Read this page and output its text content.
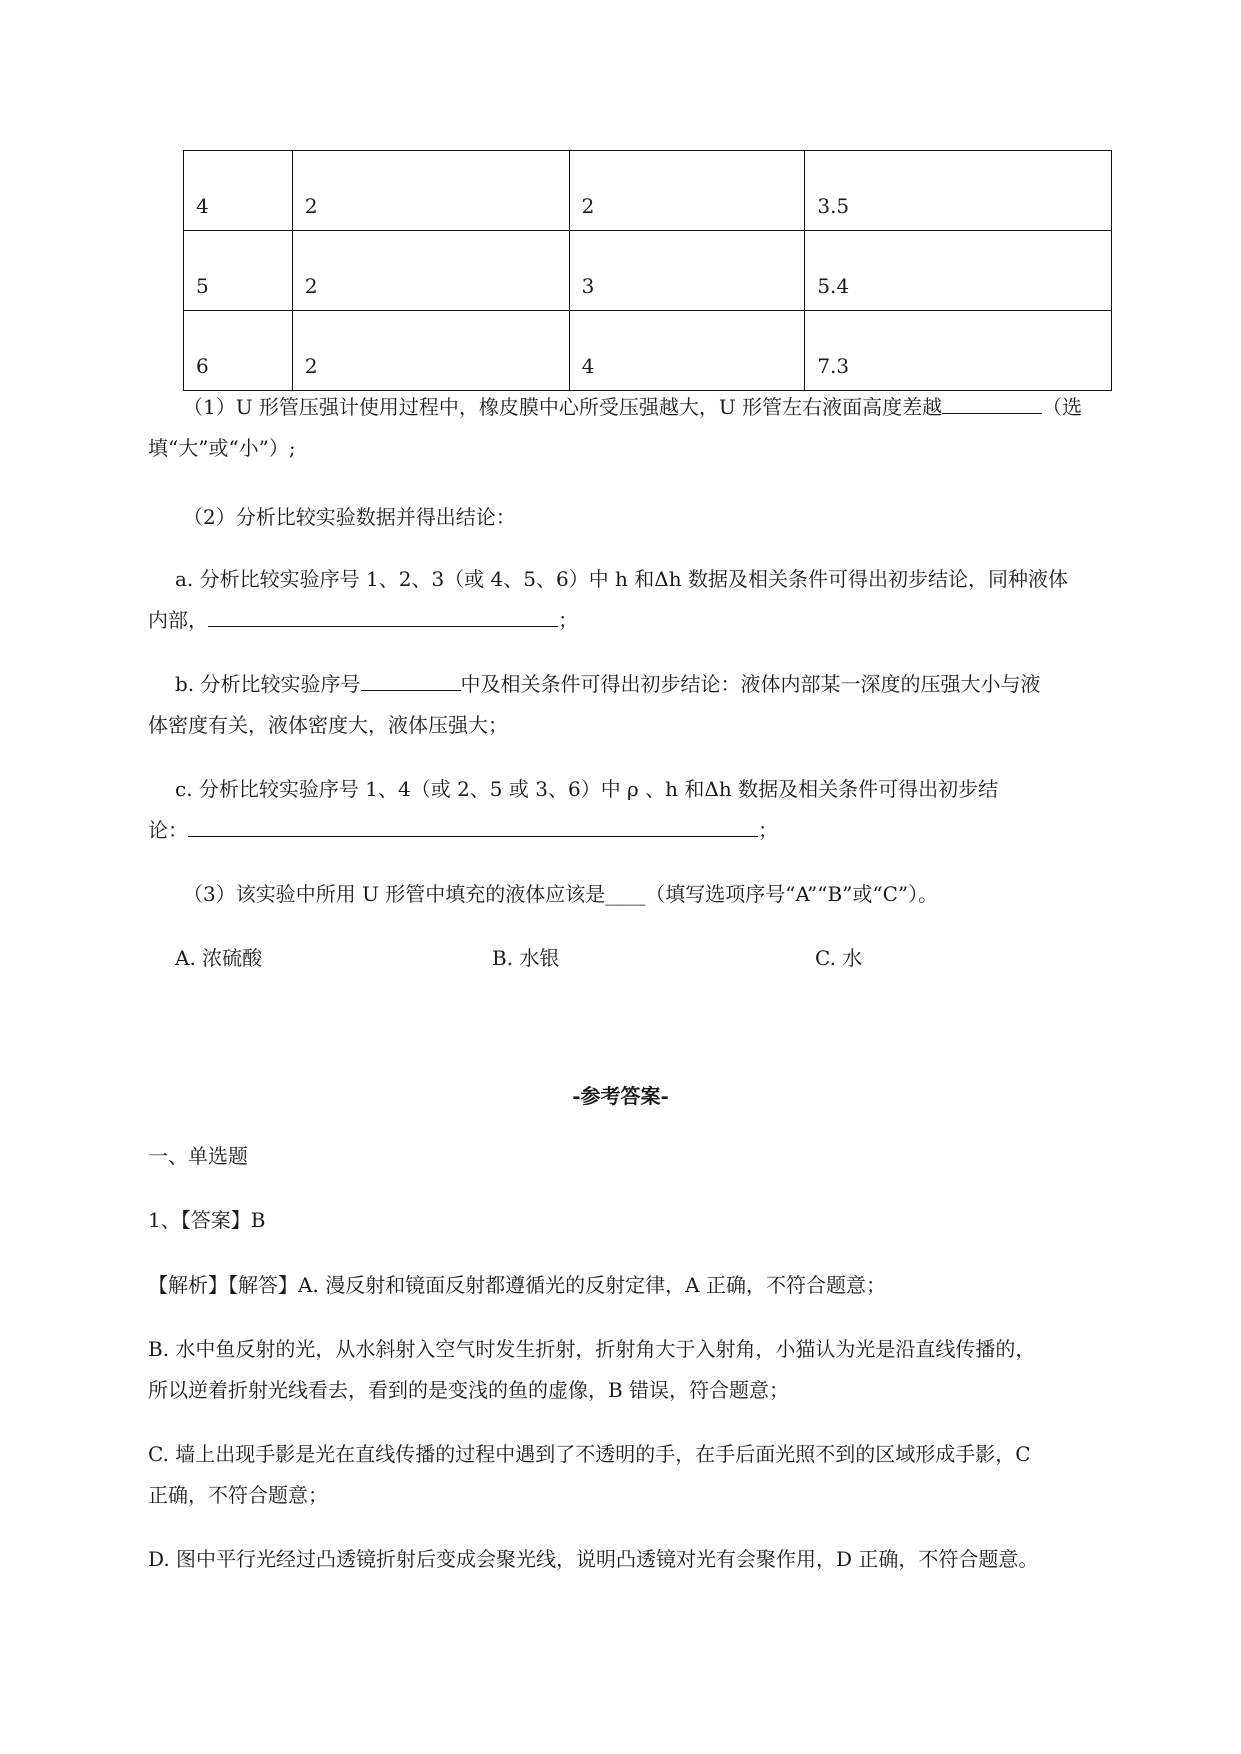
4	2	2	3.5
5	2	3	5.4
6	2	4	7.3
（1）U 形管压强计使用过程中，橡皮膜中心所受压强越大，U 形管左右液面高度差越	（选
填“大”或“小”）;
（2）分析比较实验数据并得出结论：
a. 分析比较实验序号 1、2、3（或 4、5、6）中 h 和Δh 数据及相关条件可得出初步结论，同种液体
内部，	；
b. 分析比较实验序号	中及相关条件可得出初步结论：液体内部某一深度的压强大小与液
体密度有关，液体密度大，液体压强大；
c. 分析比较实验序号 1、4（或 2、5 或 3、6）中 ρ 、h 和Δh 数据及相关条件可得出初步结
论：	；
（3）该实验中所用 U 形管中填充的液体应该是____（填写选项序号“A”“B”或“C”）。
A. 浓硫酸	B. 水银	C. 水
-参考答案-
一、单选题
1、【答案】B
【解析】【解答】A. 漫反射和镜面反射都遵循光的反射定律，A 正确，不符合题意；
B. 水中鱼反射的光，从水斜射入空气时发生折射，折射角大于入射角，小猫认为光是沿直线传播的，
所以逆着折射光线看去，看到的是变浅的鱼的虚像，B 错误，符合题意；
C. 墙上出现手影是光在直线传播的过程中遇到了不透明的手，在手后面光照不到的区域形成手影，C
正确，不符合题意；
D. 图中平行光经过凸透镜折射后变成会聚光线，说明凸透镜对光有会聚作用，D 正确，不符合题意。
